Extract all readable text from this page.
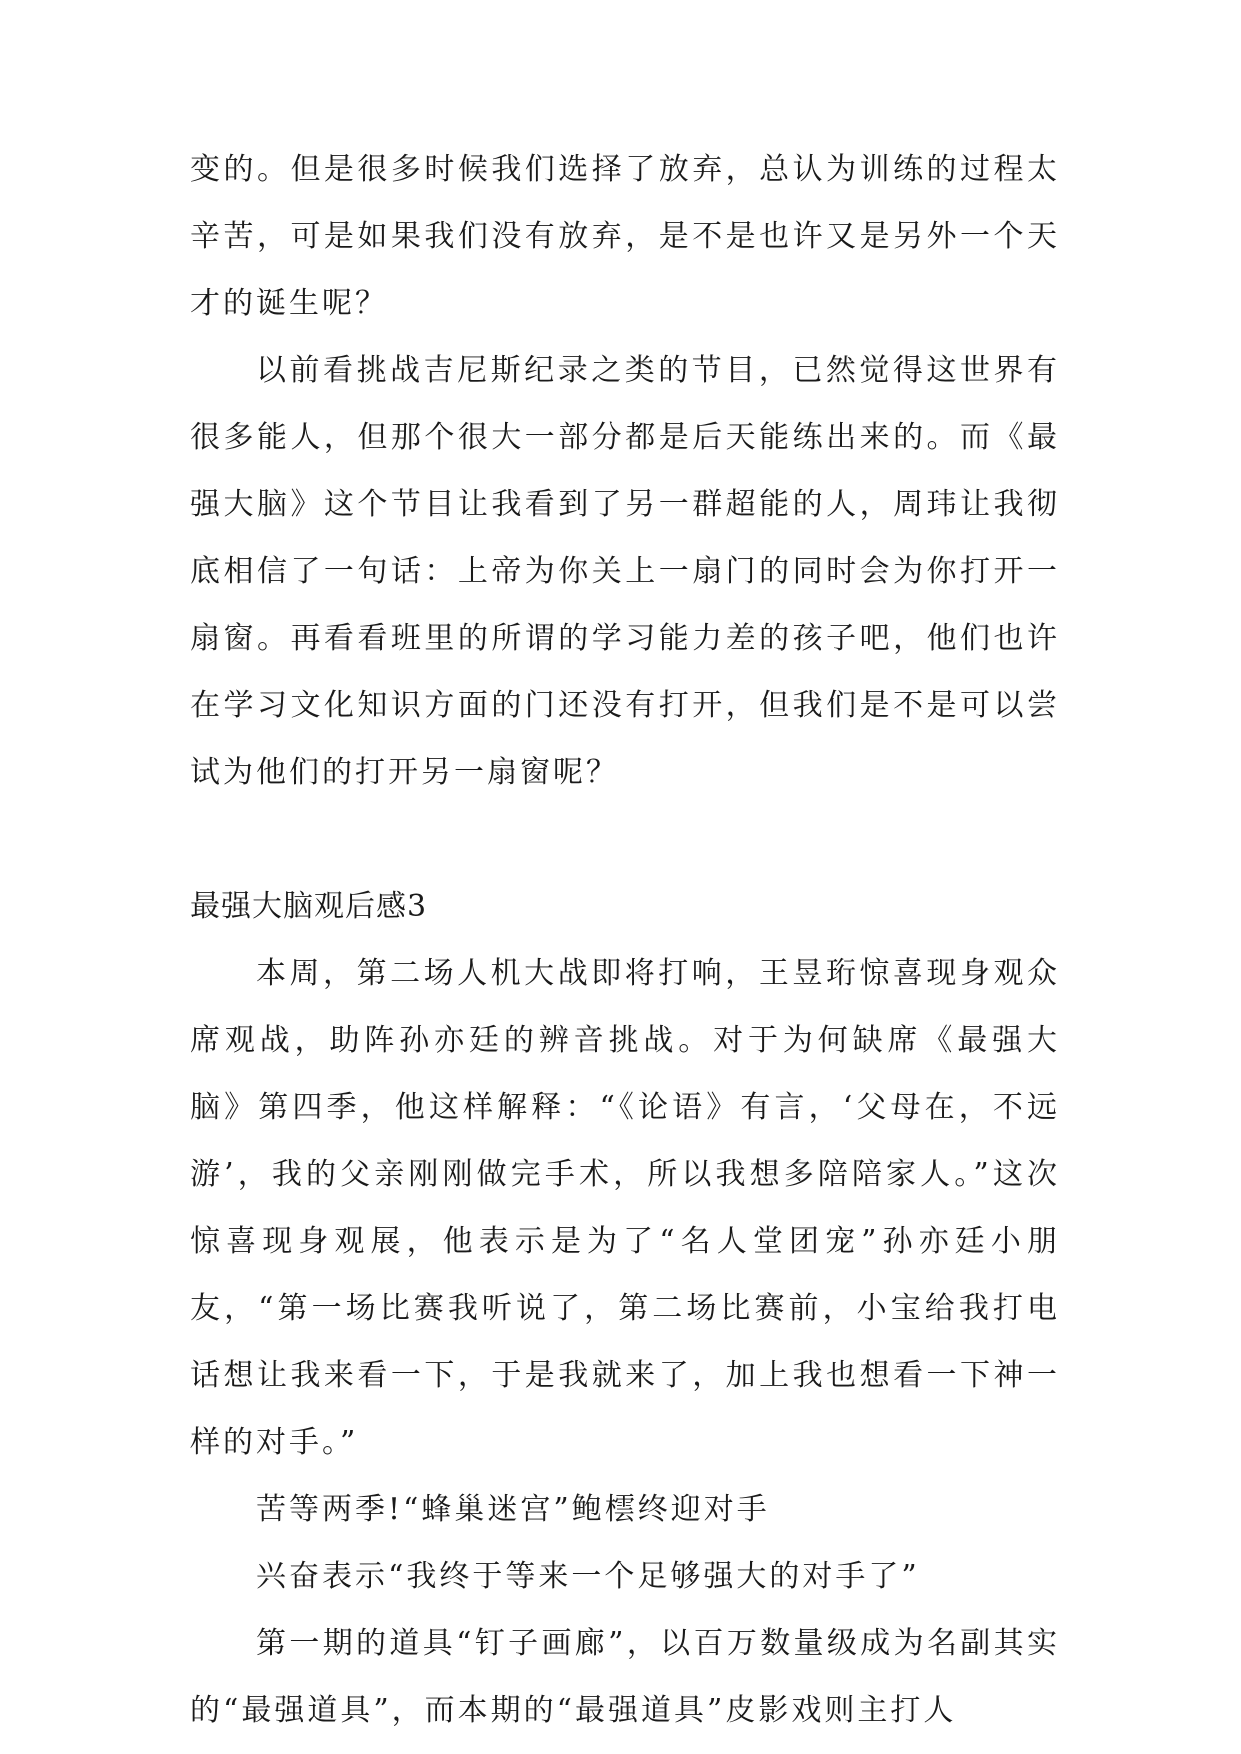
变的。但是很多时候我们选择了放弃，总认为训练的过程太辛苦，可是如果我们没有放弃，是不是也许又是另外一个天才的诞生呢？

以前看挑战吉尼斯纪录之类的节目，已然觉得这世界有很多能人，但那个很大一部分都是后天能练出来的。而《最强大脑》这个节目让我看到了另一群超能的人，周玮让我彻底相信了一句话：上帝为你关上一扇门的同时会为你打开一扇窗。再看看班里的所谓的学习能力差的孩子吧，他们也许在学习文化知识方面的门还没有打开，但我们是不是可以尝试为他们的打开另一扇窗呢？

最强大脑观后感3

本周，第二场人机大战即将打响，王昱珩惊喜现身观众席观战，助阵孙亦廷的辨音挑战。对于为何缺席《最强大脑》第四季，他这样解释：“《论语》有言，‘父母在，不远游’，我的父亲刚刚做完手术，所以我想多陪陪家人。”这次惊喜现身观展，他表示是为了“名人堂团宠”孙亦廷小朋友，“第一场比赛我听说了，第二场比赛前，小宝给我打电话想让我来看一下，于是我就来了，加上我也想看一下神一样的对手。”

苦等两季!“蜂巢迷宫”鲍橒终迎对手

兴奋表示“我终于等来一个足够强大的对手了”

第一期的道具“钉子画廊”，以百万数量级成为名副其实的“最强道具”，而本期的“最强道具”皮影戏则主打人
